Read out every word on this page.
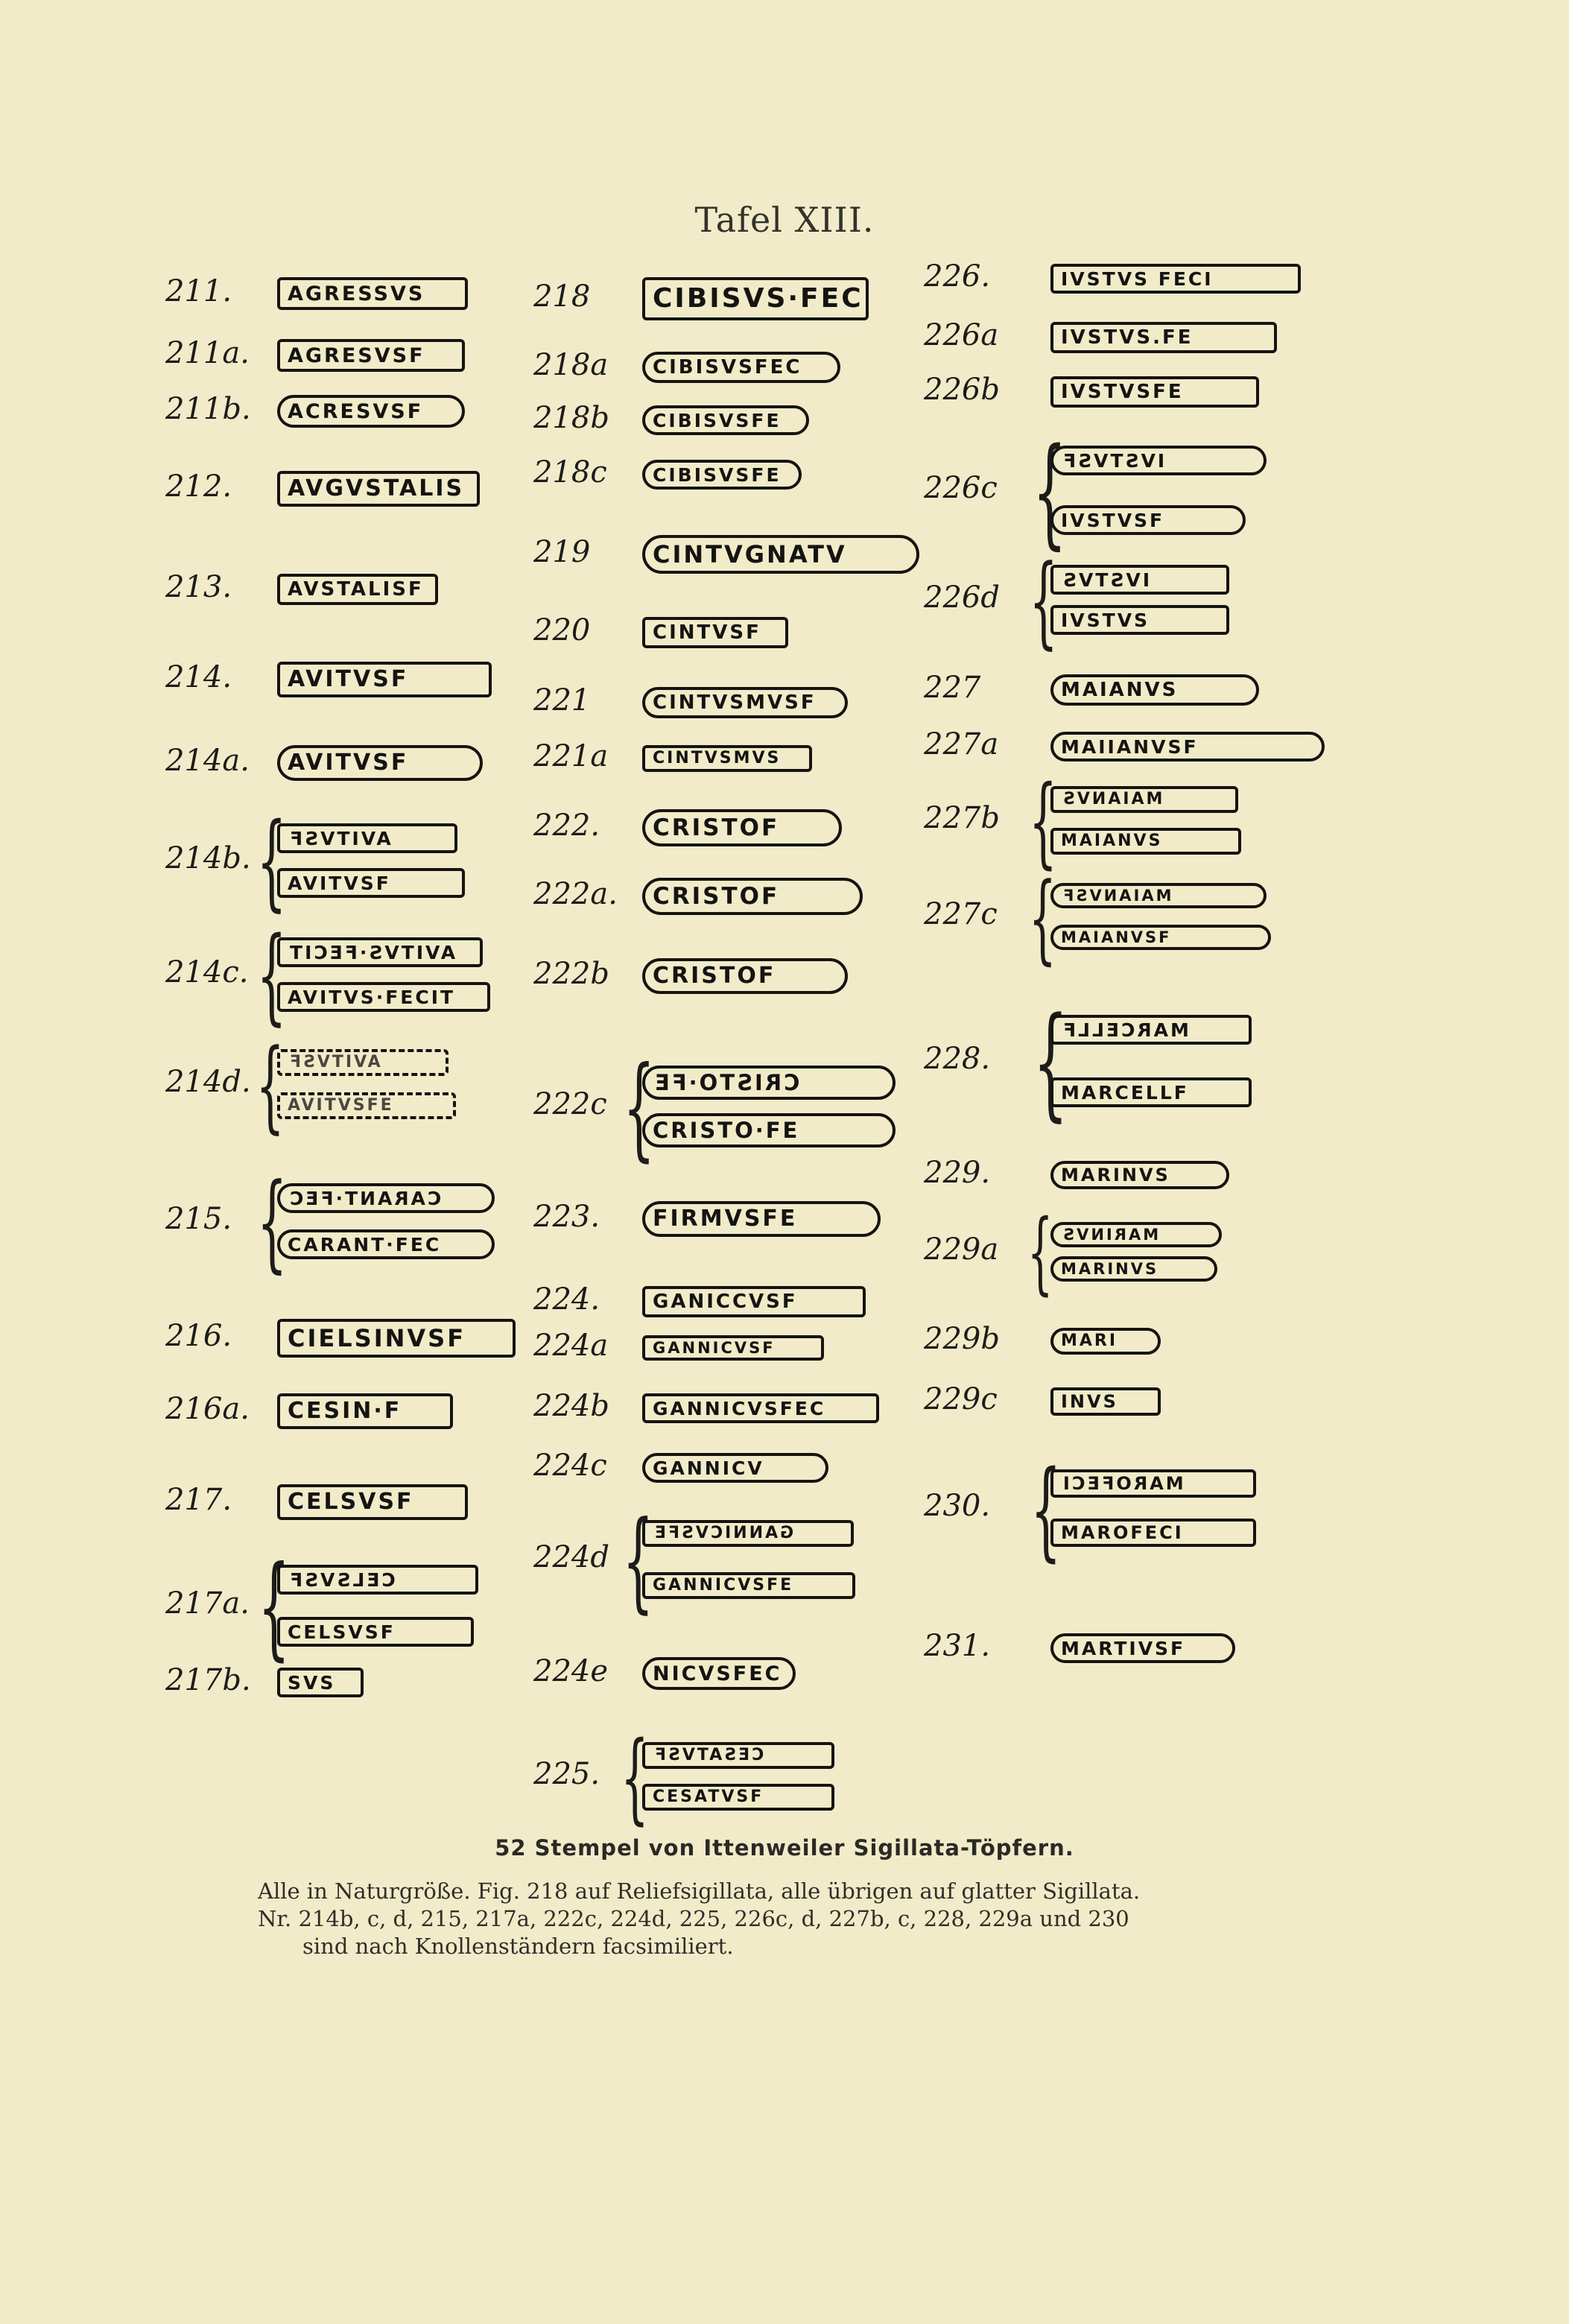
Tafel XIII.
211.	AGRESSVS
211a. AGRESVSF
211b. ACRESVSF
212. AVGVSTALIS
213.	AVSTALISF
214. AVITVSF
214a. AVITVSF
214b. { AVITVSF
AVITVSF
214c. { AVITVS·FECIT
AVITVS·FECIT
214d. { AVITVSF
AVITVSFE
215. { CARANT·FEC
CARANT·FEC
216. CIELSINVSF
216a. CESIN·F
217. CELSVSF
217a. {
CELSVSF
CELSVSF
217b. SVS
218 CIBISVS·FEC
218a CIBISVSFEC
218b CIBISVSFE
218c CIBISVSFE
219	CINTVGNATV
220	CINTVSF
221	CINTVSMVSF
221a	CINTVSMVS
222. CRISTOF
222a. CRISTOF
222b CRISTOF
222c {
CRISTO·FE
CRISTO·FE
223. FIRMVSFE
224.	GANICCVSF
224a	GANNICVSF
224b GANNICVSFEC
224c GANNICV
224d {
GANNICVSFE
GANNICVSFE
224e NICVSFEC
225. { CESATVSF
CESATVSF
226.	IVSTVS FECI
226a	IVSTVS.FE
226b	IVSTVSFE
226c {
IVSTVSF
IVSTVSF
226d { IVSTVS
IVSTVS
227	MAIANVS
227a	MAIIANVSF
227b { MAIANVS
MAIANVS
227c { MAIANVSF
MAIANVSF
228. {
MARCELLF
MARCELLF
229.	MARINVS
229a { MARINVS
MARINVS
229b	MARI
229c	INVS
230. { MAROFECI
MAROFECI
231.	MARTIVSF
52 Stempel von Ittenweiler Sigillata-Töpfern.

Alle in Naturgröße. Fig. 218 auf Reliefsigillata, alle übrigen auf glatter Sigillata.

Nr. 214b, c, d, 215, 217a, 222c, 224d, 225, 226c, d, 227b, c, 228, 229a und 230

sind nach Knollenständern facsimiliert.
